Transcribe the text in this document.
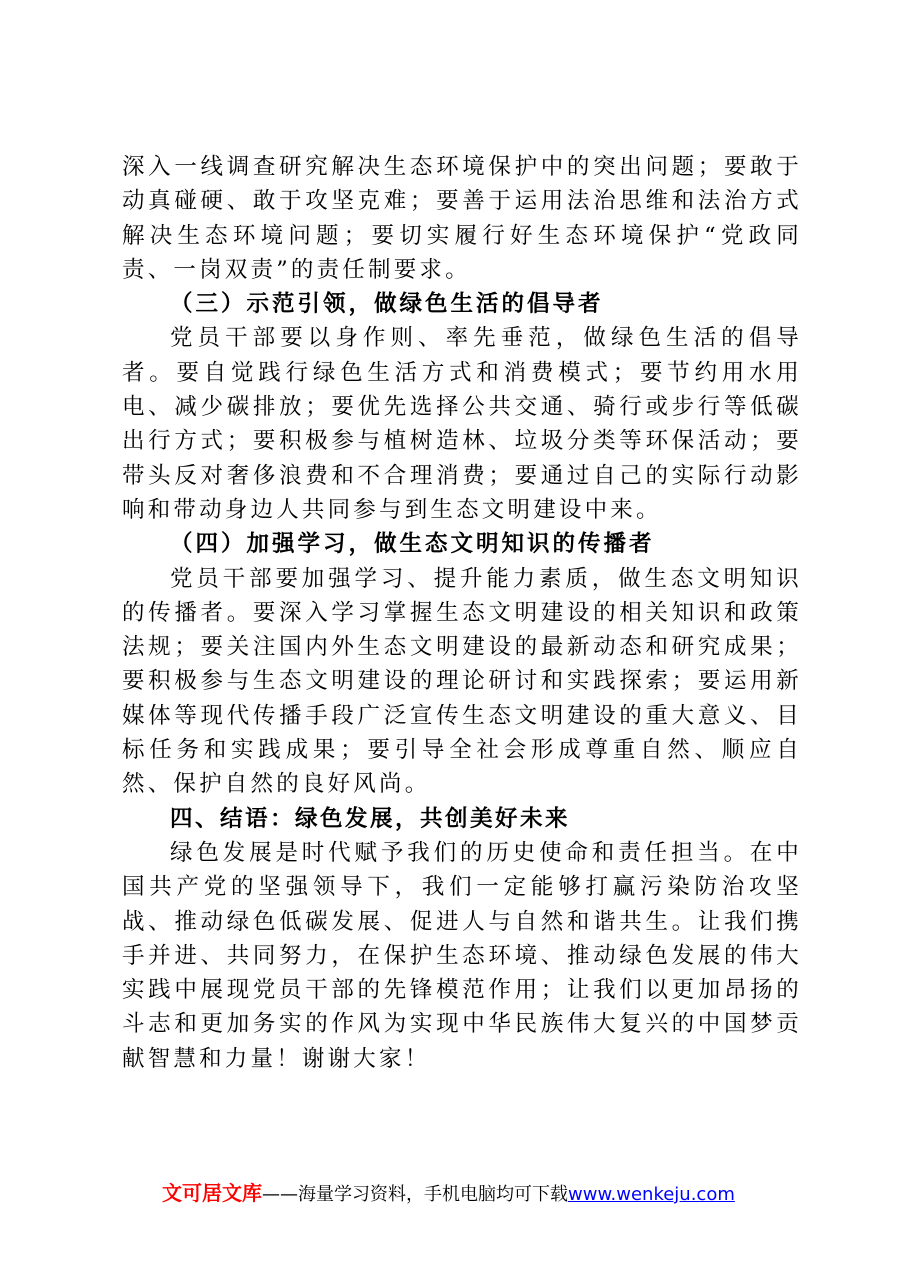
深入一线调查研究解决生态环境保护中的突出问题；要敢于动真碰硬、敢于攻坚克难；要善于运用法治思维和法治方式解决生态环境问题；要切实履行好生态环境保护“党政同责、一岗双责”的责任制要求。

（三）示范引领，做绿色生活的倡导者

党员干部要以身作则、率先垂范，做绿色生活的倡导者。要自觉践行绿色生活方式和消费模式；要节约用水用电、减少碳排放；要优先选择公共交通、骑行或步行等低碳出行方式；要积极参与植树造林、垃圾分类等环保活动；要带头反对奢侈浪费和不合理消费；要通过自己的实际行动影响和带动身边人共同参与到生态文明建设中来。

（四）加强学习，做生态文明知识的传播者

党员干部要加强学习、提升能力素质，做生态文明知识的传播者。要深入学习掌握生态文明建设的相关知识和政策法规；要关注国内外生态文明建设的最新动态和研究成果；要积极参与生态文明建设的理论研讨和实践探索；要运用新媒体等现代传播手段广泛宣传生态文明建设的重大意义、目标任务和实践成果；要引导全社会形成尊重自然、顺应自然、保护自然的良好风尚。

四、结语：绿色发展，共创美好未来

绿色发展是时代赋予我们的历史使命和责任担当。在中国共产党的坚强领导下，我们一定能够打赢污染防治攻坚战、推动绿色低碳发展、促进人与自然和谐共生。让我们携手并进、共同努力，在保护生态环境、推动绿色发展的伟大实践中展现党员干部的先锋模范作用；让我们以更加昂扬的斗志和更加务实的作风为实现中华民族伟大复兴的中国梦贡献智慧和力量！谢谢大家！

文可居文库——海量学习资料，手机电脑均可下载www.wenkeju.com
